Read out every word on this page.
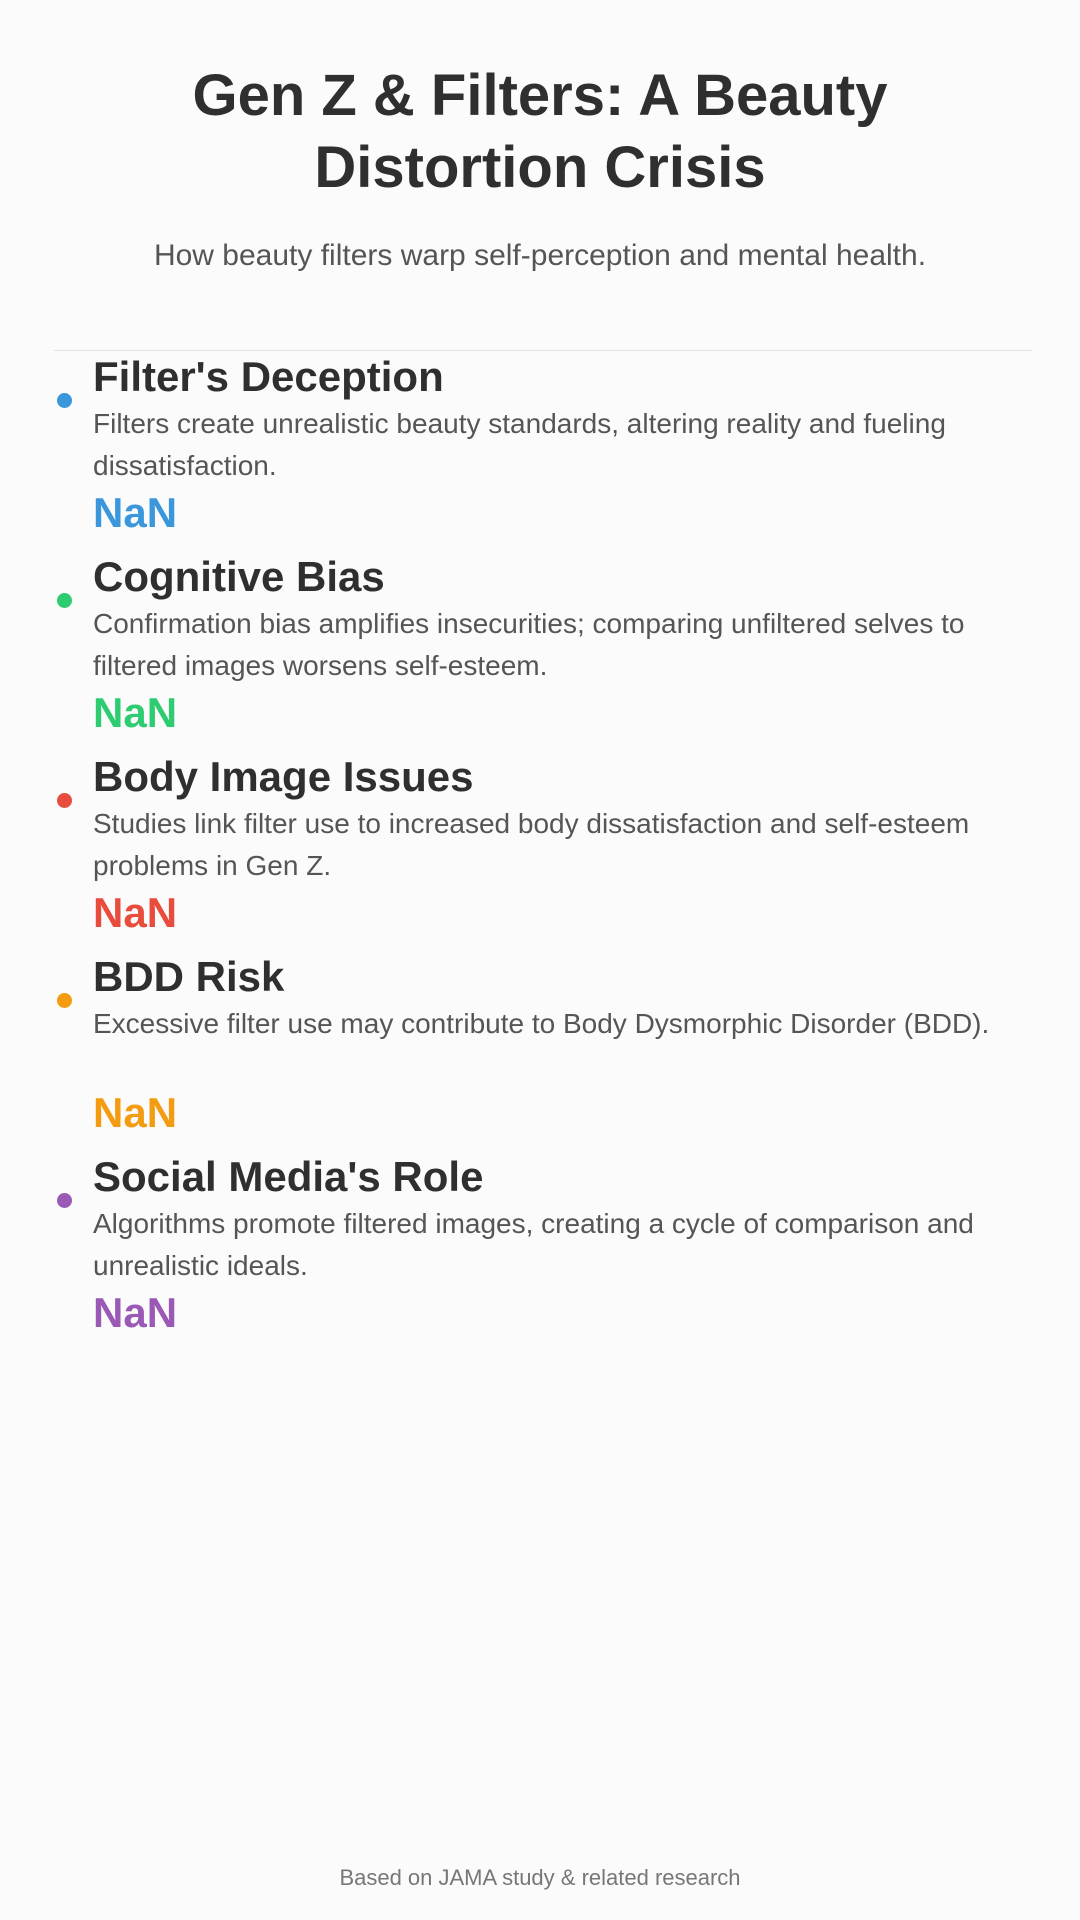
Gen Z & Filters: A Beauty Distortion Crisis

How beauty filters warp self-perception and mental health.

Filter's Deception

Filters create unrealistic beauty standards, altering reality and fueling dissatisfaction.

NaN
Cognitive Bias

Confirmation bias amplifies insecurities; comparing unfiltered selves to filtered images worsens self-esteem.

NaN
Body Image Issues

Studies link filter use to increased body dissatisfaction and self-esteem problems in Gen Z.

NaN
BDD Risk

Excessive filter use may contribute to Body Dysmorphic Disorder (BDD).

NaN
Social Media's Role

Algorithms promote filtered images, creating a cycle of comparison and unrealistic ideals.

NaN
Based on JAMA study & related research
